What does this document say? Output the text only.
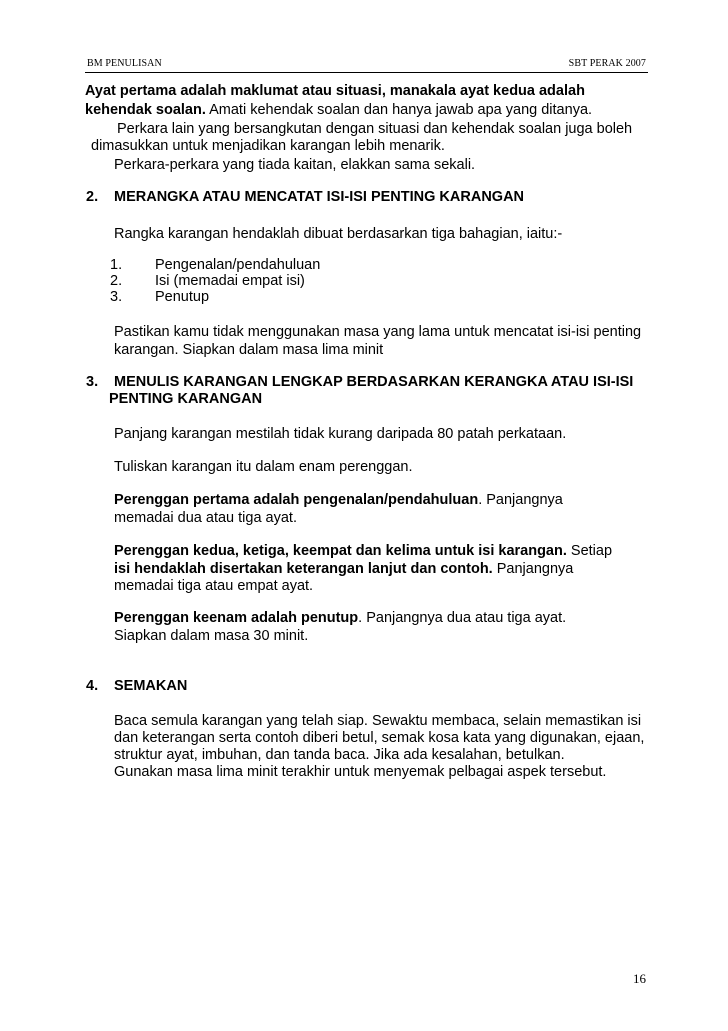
BM PENULISAN	SBT PERAK 2007
Ayat pertama adalah maklumat atau situasi, manakala ayat kedua adalah
kehendak soalan. Amati kehendak soalan dan hanya jawab apa yang ditanya.
Perkara lain yang bersangkutan dengan situasi dan kehendak soalan juga boleh
dimasukkan untuk menjadikan karangan lebih menarik.
Perkara-perkara yang tiada kaitan, elakkan sama sekali.
2. MERANGKA ATAU MENCATAT ISI-ISI PENTING KARANGAN
Rangka karangan hendaklah dibuat berdasarkan tiga bahagian, iaitu:-
1. Pengenalan/pendahuluan
2. Isi (memadai empat isi)
3. Penutup
Pastikan kamu tidak menggunakan masa yang lama untuk mencatat isi-isi penting
karangan. Siapkan dalam masa lima minit
3. MENULIS KARANGAN LENGKAP BERDASARKAN KERANGKA ATAU ISI-ISI
PENTING KARANGAN
Panjang karangan mestilah tidak kurang daripada 80 patah perkataan.
Tuliskan karangan itu dalam enam perenggan.
Perenggan pertama adalah pengenalan/pendahuluan. Panjangnya
memadai dua atau tiga ayat.
Perenggan kedua, ketiga, keempat dan kelima untuk isi karangan. Setiap
isi hendaklah disertakan keterangan lanjut dan contoh. Panjangnya
memadai tiga atau empat ayat.
Perenggan keenam adalah penutup. Panjangnya dua atau tiga ayat.
Siapkan dalam masa 30 minit.
4. SEMAKAN
Baca semula karangan yang telah siap. Sewaktu membaca, selain memastikan isi
dan keterangan serta contoh diberi betul, semak kosa kata yang digunakan, ejaan,
struktur ayat, imbuhan, dan tanda baca. Jika ada kesalahan, betulkan.
Gunakan masa lima minit terakhir untuk menyemak pelbagai aspek tersebut.
16
